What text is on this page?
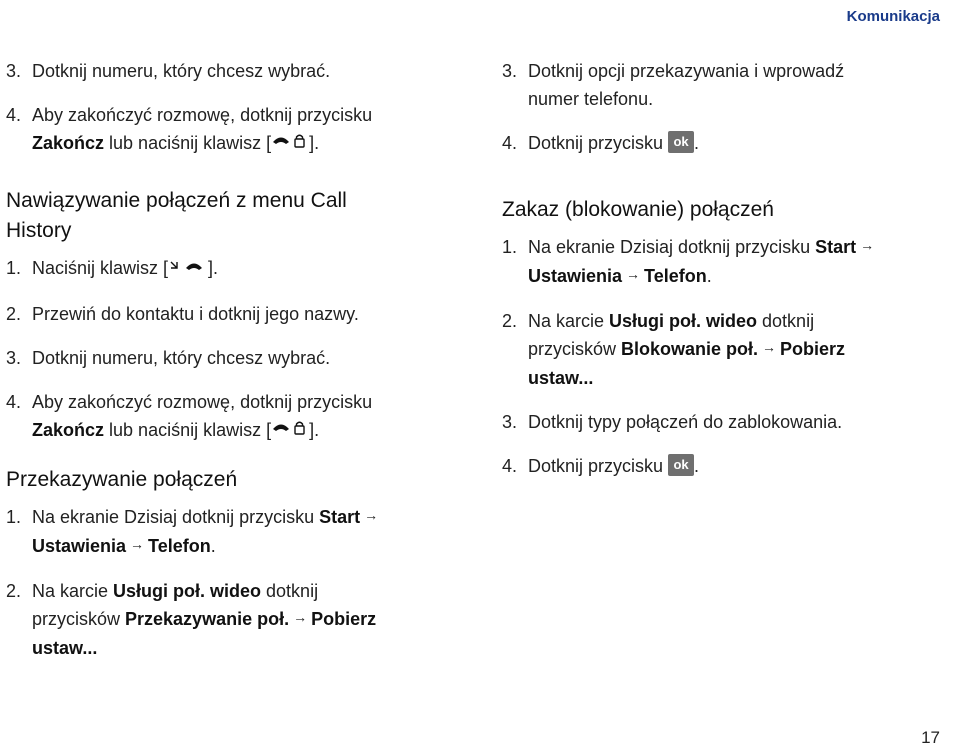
Komunikacja
3. Dotknij numeru, który chcesz wybrać.
4. Aby zakończyć rozmowę, dotknij przycisku
Zakończ lub naciśnij klawisz [ ].
Nawiązywanie połączeń z menu Call History
1. Naciśnij klawisz [ ].
2. Przewiń do kontaktu i dotknij jego nazwy.
3. Dotknij numeru, który chcesz wybrać.
4. Aby zakończyć rozmowę, dotknij przycisku
Zakończ lub naciśnij klawisz [ ].
Przekazywanie połączeń
1. Na ekranie Dzisiaj dotknij przycisku Start →
Ustawienia → Telefon.
2. Na karcie Usługi poł. wideo dotknij
przycisków Przekazywanie poł. → Pobierz
ustaw...
3. Dotknij opcji przekazywania i wprowadź
numer telefonu.
4. Dotknij przycisku ok .
Zakaz (blokowanie) połączeń
1. Na ekranie Dzisiaj dotknij przycisku Start →
Ustawienia → Telefon.
2. Na karcie Usługi poł. wideo dotknij
przycisków Blokowanie poł. → Pobierz
ustaw...
3. Dotknij typy połączeń do zablokowania.
4. Dotknij przycisku ok .
17
